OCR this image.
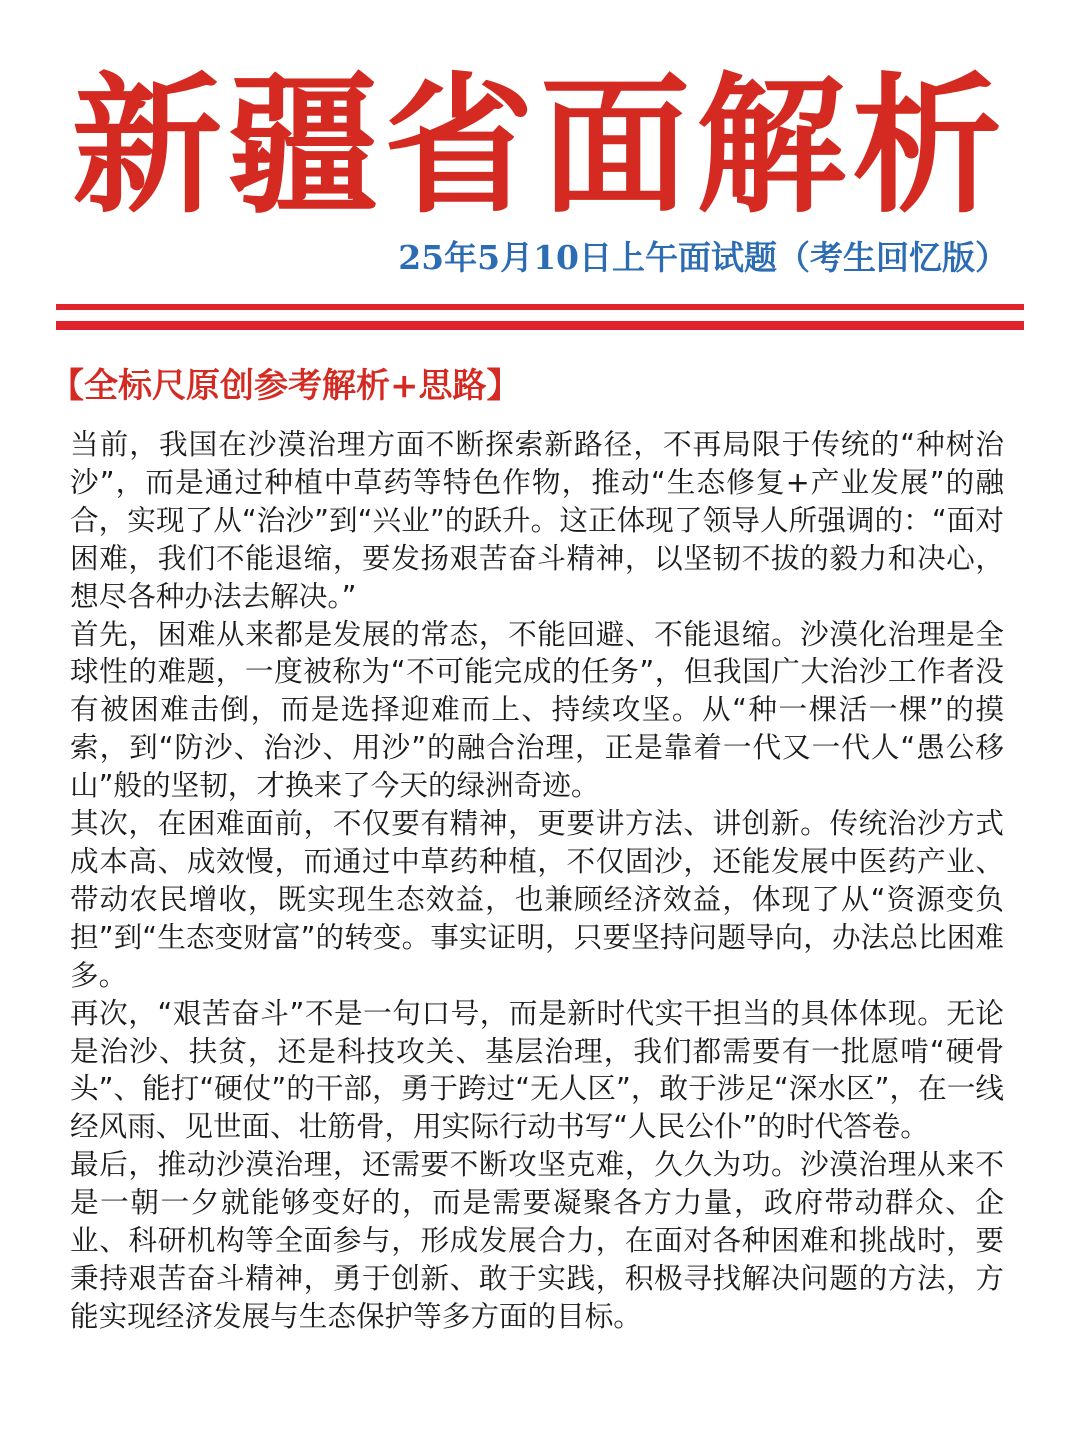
新疆省面解析
25年5月10日上午面试题（考生回忆版）
【全标尺原创参考解析+思路】

当前，我国在沙漠治理方面不断探索新路径，不再局限于传统的“种树治沙”，而是通过种植中草药等特色作物，推动“生态修复+产业发展”的融合，实现了从“治沙”到“兴业”的跃升。这正体现了领导人所强调的：“面对困难，我们不能退缩，要发扬艰苦奋斗精神，以坚韧不拔的毅力和决心，想尽各种办法去解决。”

首先，困难从来都是发展的常态，不能回避、不能退缩。沙漠化治理是全球性的难题，一度被称为“不可能完成的任务”，但我国广大治沙工作者没有被困难击倒，而是选择迎难而上、持续攻坚。从“种一棵活一棵”的摸索，到“防沙、治沙、用沙”的融合治理，正是靠着一代又一代人“愚公移山”般的坚韧，才换来了今天的绿洲奇迹。

其次，在困难面前，不仅要有精神，更要讲方法、讲创新。传统治沙方式成本高、成效慢，而通过中草药种植，不仅固沙，还能发展中医药产业、带动农民增收，既实现生态效益，也兼顾经济效益，体现了从“资源变负担”到“生态变财富”的转变。事实证明，只要坚持问题导向，办法总比困难多。

再次，“艰苦奋斗”不是一句口号，而是新时代实干担当的具体体现。无论是治沙、扶贫，还是科技攻关、基层治理，我们都需要有一批愿啃“硬骨头”、能打“硬仗”的干部，勇于跨过“无人区”，敢于涉足“深水区”，在一线经风雨、见世面、壮筋骨，用实际行动书写“人民公仆”的时代答卷。

最后，推动沙漠治理，还需要不断攻坚克难，久久为功。沙漠治理从来不是一朝一夕就能够变好的，而是需要凝聚各方力量，政府带动群众、企业、科研机构等全面参与，形成发展合力，在面对各种困难和挑战时，要秉持艰苦奋斗精神，勇于创新、敢于实践，积极寻找解决问题的方法，方能实现经济发展与生态保护等多方面的目标。
